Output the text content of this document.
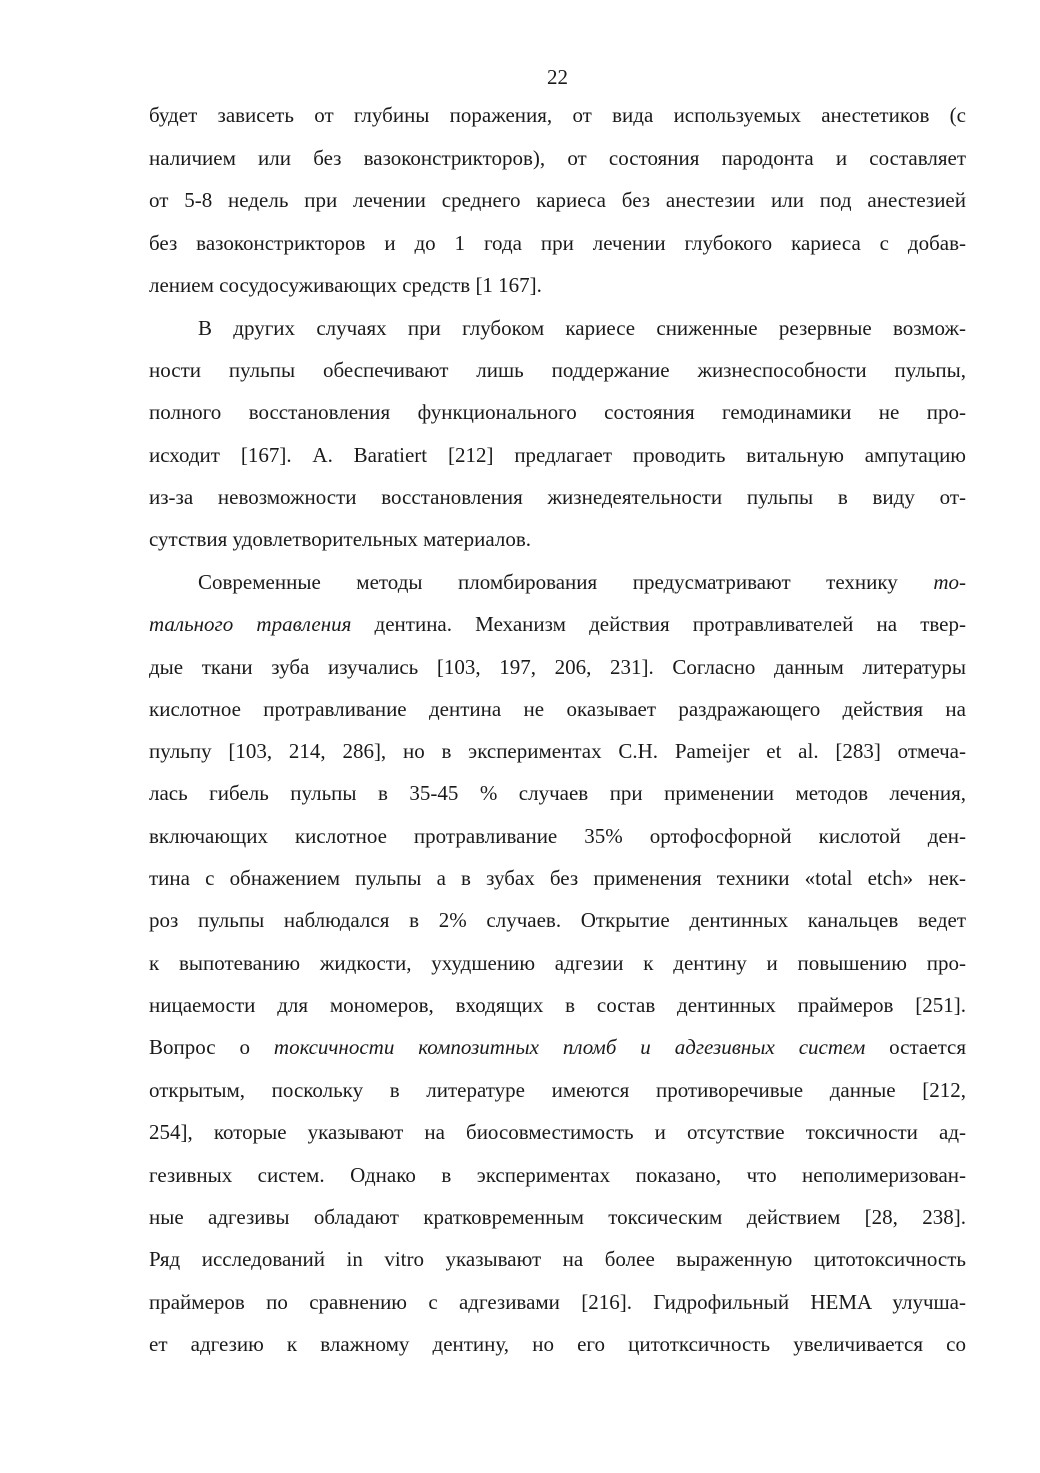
22
будет зависеть от глубины поражения, от вида используемых анестетиков (с
наличием или без вазоконстрикторов), от состояния пародонта и составляет
от 5-8 недель при лечении среднего кариеса без анестезии или под анестезией
без вазоконстрикторов и до 1 года при лечении глубокого кариеса с добав-
лением сосудосуживающих средств [1 167].
В других случаях при глубоком кариесе сниженные резервные возмож-
ности пульпы обеспечивают лишь поддержание жизнеспособности пульпы,
полного восстановления функционального состояния гемодинамики не про-
исходит [167]. A. Baratiert [212] предлагает проводить витальную ампутацию
из-за невозможности восстановления жизнедеятельности пульпы в виду от-
сутствия удовлетворительных материалов.
Современные методы пломбирования предусматривают технику то-
тального травления дентина. Механизм действия протравливателей на твер-
дые ткани зуба изучались [103, 197, 206, 231]. Согласно данным литературы
кислотное протравливание дентина не оказывает раздражающего действия на
пульпу [103, 214, 286], но в экспериментах C.H. Pameijer et al. [283] отмеча-
лась гибель пульпы в 35-45 % случаев при применении методов лечения,
включающих кислотное протравливание 35% ортофосфорной кислотой ден-
тина с обнажением пульпы а в зубах без применения техники «total etch» нек-
роз пульпы наблюдался в 2% случаев. Открытие дентинных канальцев ведет
к выпотеванию жидкости, ухудшению адгезии к дентину и повышению про-
ницаемости для мономеров, входящих в состав дентинных праймеров [251].
Вопрос о токсичности композитных пломб и адгезивных систем остается
открытым, поскольку в литературе имеются противоречивые данные [212,
254], которые указывают на биосовместимость и отсутствие токсичности ад-
гезивных систем. Однако в экспериментах показано, что неполимеризован-
ные адгезивы обладают кратковременным токсическим действием [28, 238].
Ряд исследований in vitro указывают на более выраженную цитотоксичность
праймеров по сравнению с адгезивами [216]. Гидрофильный HEMA улучша-
ет адгезию к влажному дентину, но его цитотксичность увеличивается со
